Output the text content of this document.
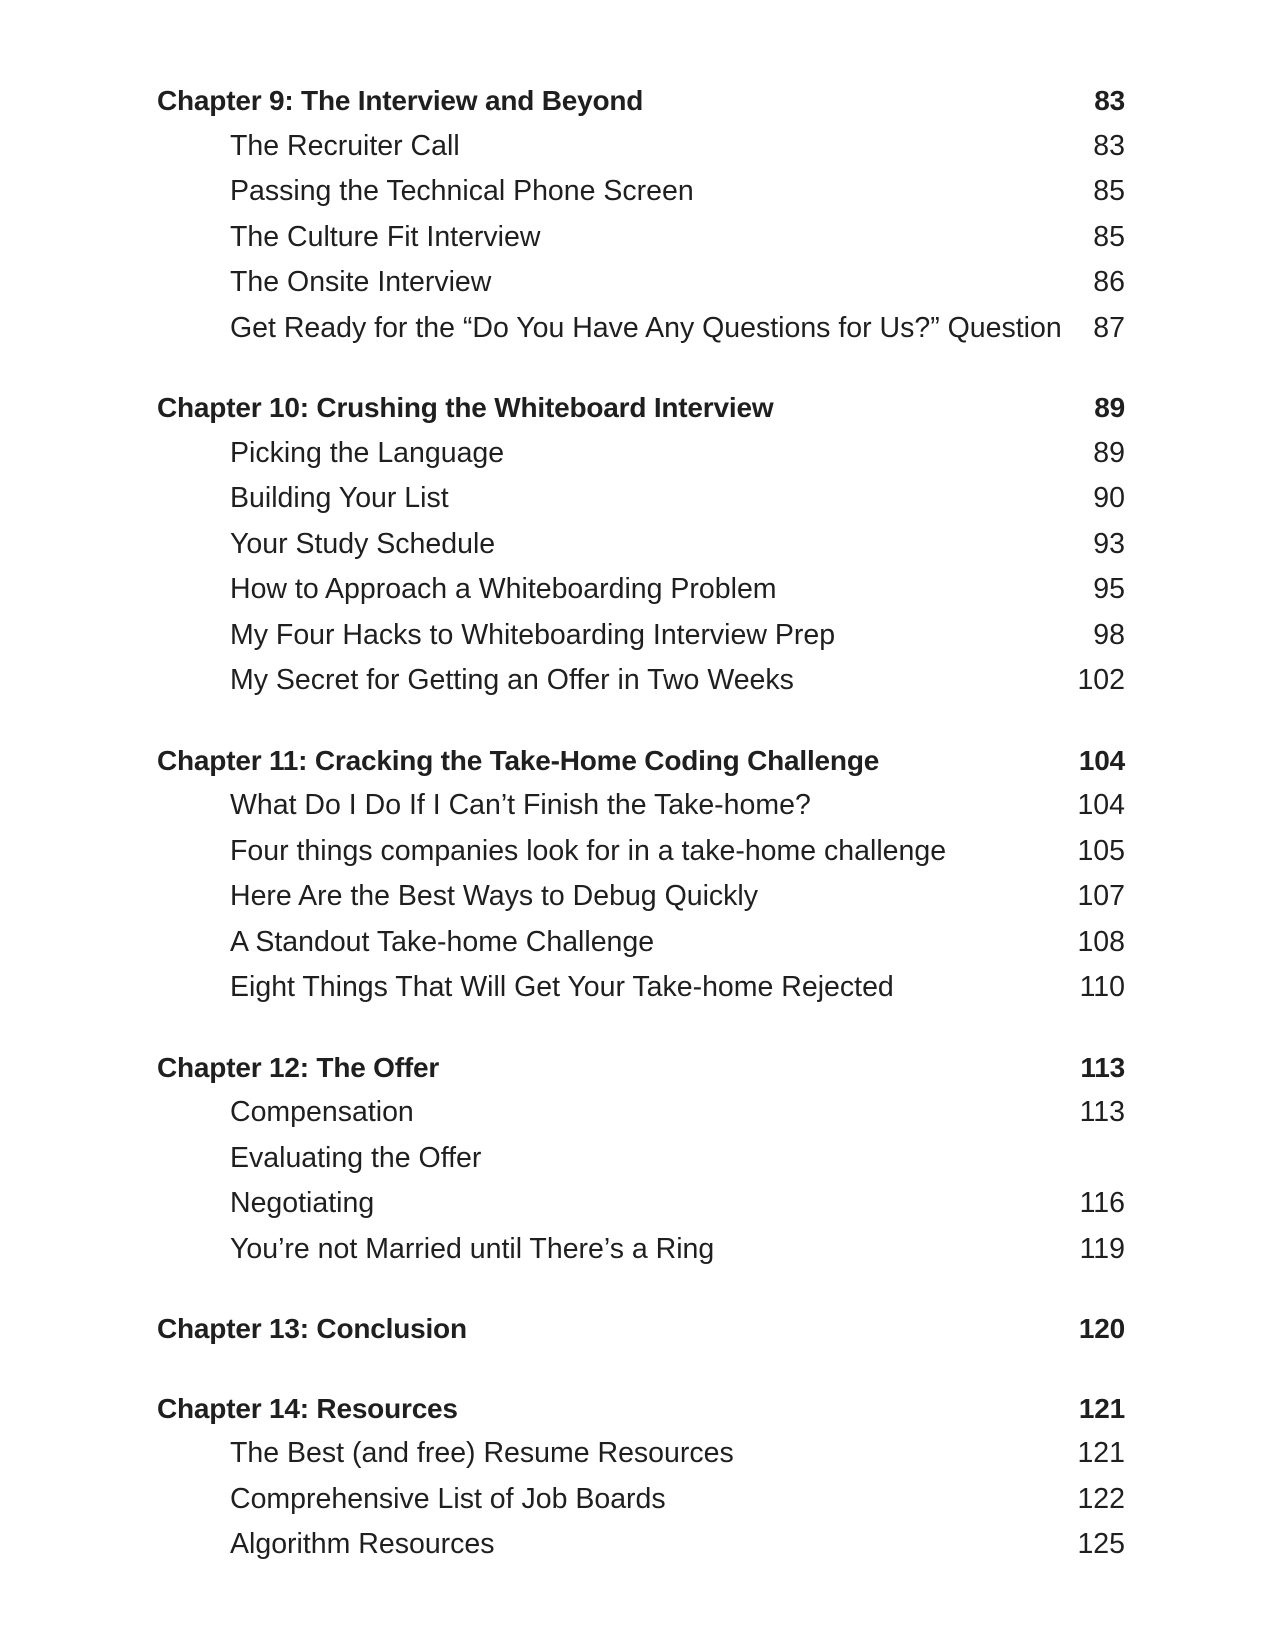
Chapter 9: The Interview and Beyond	83
The Recruiter Call	83
Passing the Technical Phone Screen	85
The Culture Fit Interview	85
The Onsite Interview	86
Get Ready for the “Do You Have Any Questions for Us?” Question 87
Chapter 10: Crushing the Whiteboard Interview	89
Picking the Language	89
Building Your List	90
Your Study Schedule	93
How to Approach a Whiteboarding Problem	95
My Four Hacks to Whiteboarding Interview Prep	98
My Secret for Getting an Offer in Two Weeks	102
Chapter 11: Cracking the Take-Home Coding Challenge	104
What Do I Do If I Can’t Finish the Take-home?	104
Four things companies look for in a take-home challenge	105
Here Are the Best Ways to Debug Quickly	107
A Standout Take-home Challenge	108
Eight Things That Will Get Your Take-home Rejected	110
Chapter 12: The Offer	113
Compensation	113
Evaluating the Offer
Negotiating	116
You’re not Married until There’s a Ring	119
Chapter 13: Conclusion	120
Chapter 14: Resources	121
The Best (and free) Resume Resources	121
Comprehensive List of Job Boards	122
Algorithm Resources	125
